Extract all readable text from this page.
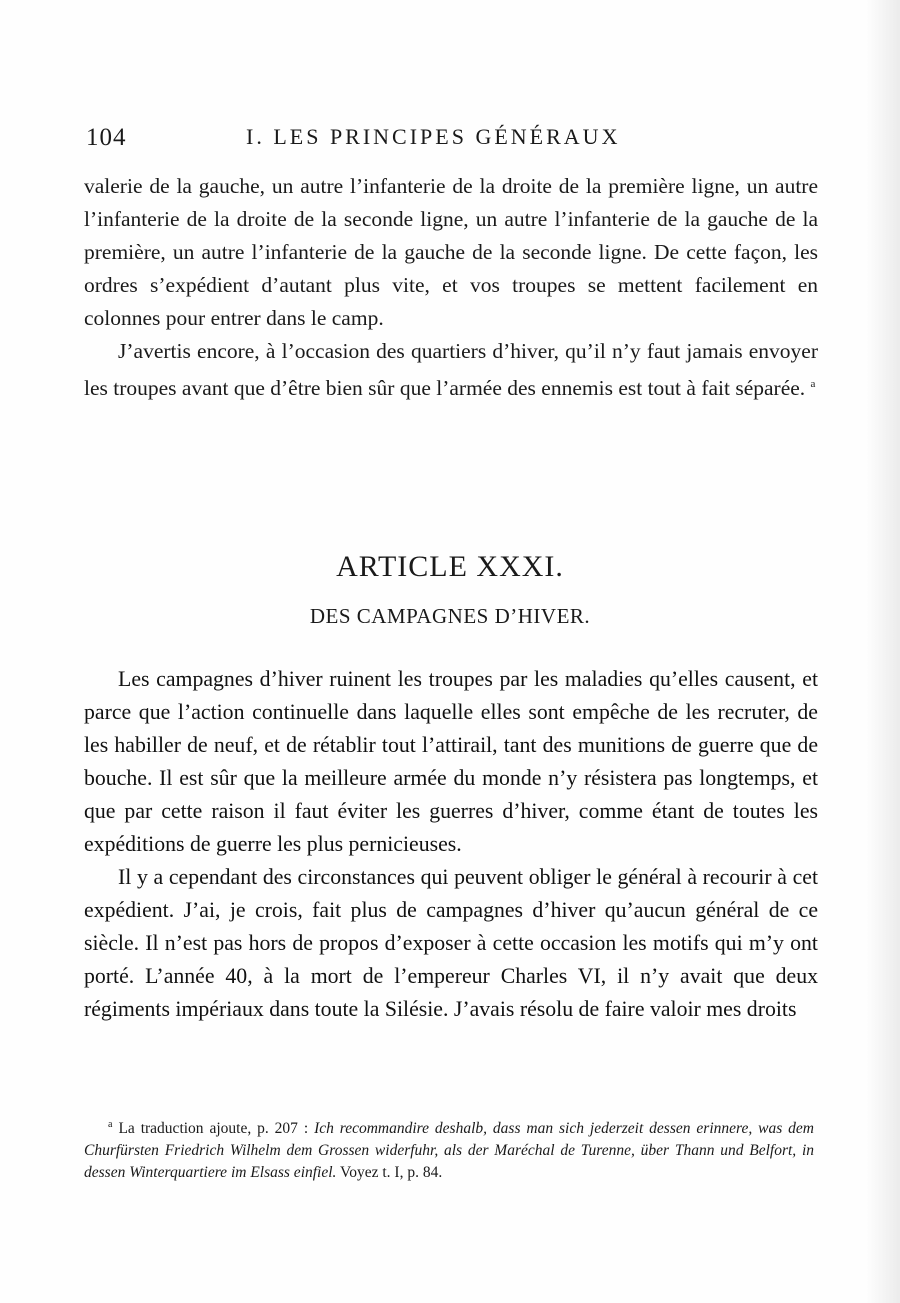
104	I. LES PRINCIPES GÉNÉRAUX

valerie de la gauche, un autre l’infanterie de la droite de la première ligne, un autre l’infanterie de la droite de la seconde ligne, un autre l’infanterie de la gauche de la première, un autre l’infanterie de la gauche de la seconde ligne. De cette façon, les ordres s’expédient d’autant plus vite, et vos troupes se mettent facilement en colonnes pour entrer dans le camp.

J’avertis encore, à l’occasion des quartiers d’hiver, qu’il n’y faut jamais envoyer les troupes avant que d’être bien sûr que l’armée des ennemis est tout à fait séparée. $^a$

ARTICLE XXXI.
DES CAMPAGNES D’HIVER.

Les campagnes d’hiver ruinent les troupes par les maladies qu’elles causent, et parce que l’action continuelle dans laquelle elles sont empêche de les recruter, de les habiller de neuf, et de rétablir tout l’attirail, tant des munitions de guerre que de bouche. Il est sûr que la meilleure armée du monde n’y résistera pas longtemps, et que par cette raison il faut éviter les guerres d’hiver, comme étant de toutes les expéditions de guerre les plus pernicieuses.

Il y a cependant des circonstances qui peuvent obliger le général à recourir à cet expédient. J’ai, je crois, fait plus de campagnes d’hiver qu’aucun général de ce siècle. Il n’est pas hors de propos d’exposer à cette occasion les motifs qui m’y ont porté. L’année 40, à la mort de l’empereur Charles VI, il n’y avait que deux régiments impériaux dans toute la Silésie. J’avais résolu de faire valoir mes droits

$^a$ La traduction ajoute, p. 207 : Ich recommandire deshalb, dass man sich jederzeit dessen erinnere, was dem Churfürsten Friedrich Wilhelm dem Grossen widerfuhr, als der Maréchal de Turenne, über Thann und Belfort, in dessen Winterquartiere im Elsass einfiel. Voyez t. I, p. 84.
